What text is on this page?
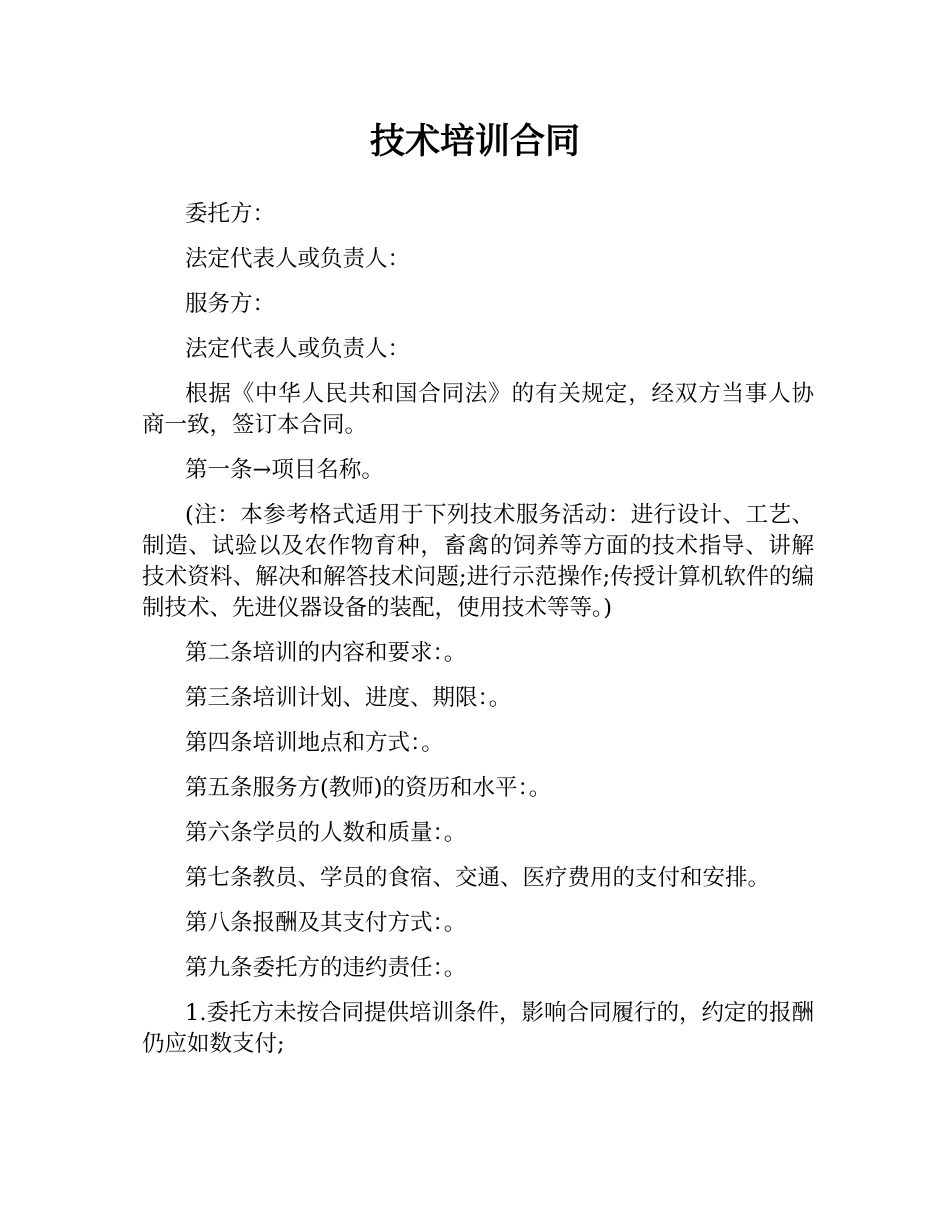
技术培训合同

委托方：

法定代表人或负责人：

服务方：

法定代表人或负责人：

根据《中华人民共和国合同法》的有关规定，经双方当事人协商一致，签订本合同。

第一条→项目名称。

(注：本参考格式适用于下列技术服务活动：进行设计、工艺、制造、试验以及农作物育种，畜禽的饲养等方面的技术指导、讲解技术资料、解决和解答技术问题;进行示范操作;传授计算机软件的编制技术、先进仪器设备的装配，使用技术等等。)

第二条培训的内容和要求：。

第三条培训计划、进度、期限：。

第四条培训地点和方式：。

第五条服务方(教师)的资历和水平：。

第六条学员的人数和质量：。

第七条教员、学员的食宿、交通、医疗费用的支付和安排。

第八条报酬及其支付方式：。

第九条委托方的违约责任：。

1.委托方未按合同提供培训条件，影响合同履行的，约定的报酬仍应如数支付;
